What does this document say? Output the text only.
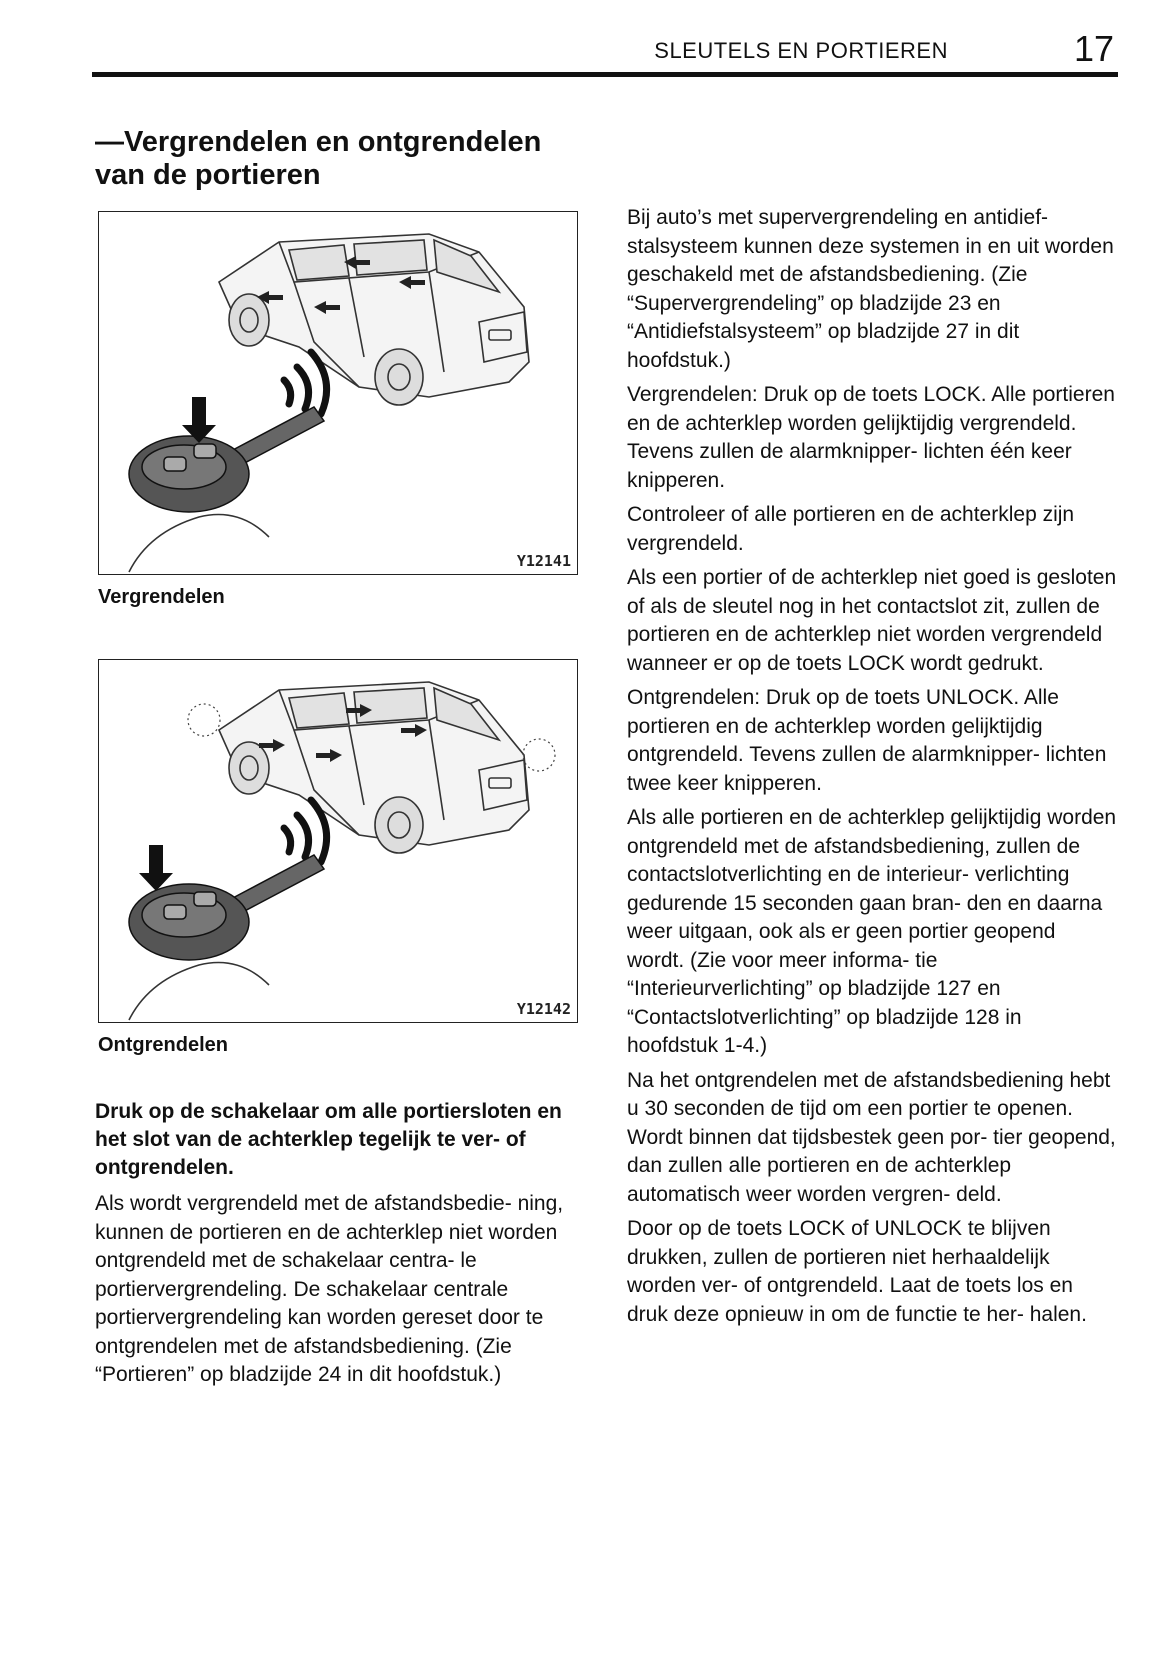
SLEUTELS EN PORTIEREN	17
—Vergrendelen en ontgrendelen
van de portieren
Y12141
Vergrendelen
Y12142
Ontgrendelen

Druk op de schakelaar om alle portiersloten en het slot van de achterklep tegelijk te ver- of ontgrendelen.

Als wordt vergrendeld met de afstandsbedie- ning, kunnen de portieren en de achterklep niet worden ontgrendeld met de schakelaar centra- le portiervergrendeling. De schakelaar centrale portiervergrendeling kan worden gereset door te ontgrendelen met de afstandsbediening. (Zie “Portieren” op bladzijde 24 in dit hoofdstuk.)

Bij auto’s met supervergrendeling en antidief- stalsysteem kunnen deze systemen in en uit worden geschakeld met de afstandsbediening. (Zie “Supervergrendeling” op bladzijde 23 en “Antidiefstalsysteem” op bladzijde 27 in dit hoofdstuk.)

Vergrendelen: Druk op de toets LOCK. Alle portieren en de achterklep worden gelijktijdig vergrendeld. Tevens zullen de alarmknipper- lichten één keer knipperen.

Controleer of alle portieren en de achterklep zijn vergrendeld.

Als een portier of de achterklep niet goed is gesloten of als de sleutel nog in het contactslot zit, zullen de portieren en de achterklep niet worden vergrendeld wanneer er op de toets LOCK wordt gedrukt.

Ontgrendelen: Druk op de toets UNLOCK. Alle portieren en de achterklep worden gelijktijdig ontgrendeld. Tevens zullen de alarmknipper- lichten twee keer knipperen.

Als alle portieren en de achterklep gelijktijdig worden ontgrendeld met de afstandsbediening, zullen de contactslotverlichting en de interieur- verlichting gedurende 15 seconden gaan bran- den en daarna weer uitgaan, ook als er geen portier geopend wordt. (Zie voor meer informa- tie “Interieurverlichting” op bladzijde 127 en “Contactslotverlichting” op bladzijde 128 in hoofdstuk 1-4.)

Na het ontgrendelen met de afstandsbediening hebt u 30 seconden de tijd om een portier te openen. Wordt binnen dat tijdsbestek geen por- tier geopend, dan zullen alle portieren en de achterklep automatisch weer worden vergren- deld.

Door op de toets LOCK of UNLOCK te blijven drukken, zullen de portieren niet herhaaldelijk worden ver- of ontgrendeld. Laat de toets los en druk deze opnieuw in om de functie te her- halen.
